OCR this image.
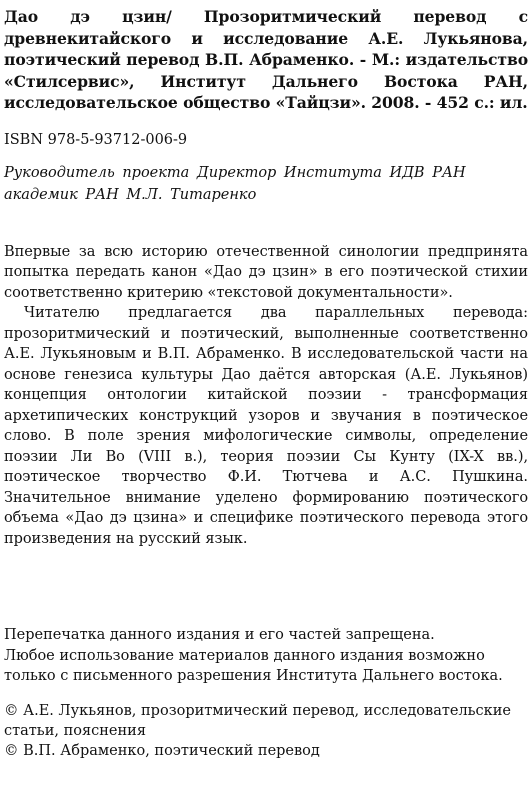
Дао дэ цзин/ Прозоритмический перевод с древнекитайского и исследование А.Е. Лукьянова, поэтический перевод В.П. Абраменко. - М.: издательство «Стилсервис», Институт Дальнего Востока РАН, исследовательское общество «Тайцзи». 2008. - 452 с.: ил.
ISBN 978-5-93712-006-9
Руководитель проекта Директор Института ИДВ РАН академик РАН М.Л. Титаренко

Впервые за всю историю отечественной синологии предпринята попытка передать канон «Дао дэ цзин» в его поэтической стихии соответственно критерию «текстовой документальности».

Читателю предлагается два параллельных перевода: прозоритмический и поэтический, выполненные соответственно А.Е. Лукьяновым и В.П. Абраменко. В исследовательской части на основе генезиса культуры Дао даётся авторская (А.Е. Лукьянов) концепция онтологии китайской поэзии - трансформация архетипических конструкций узоров и звучания в поэтическое слово. В поле зрения мифологические символы, определение поэзии Ли Во (VIII в.), теория поэзии Сы Кунту (IX-X вв.), поэтическое творчество Ф.И. Тютчева и А.С. Пушкина. Значительное внимание уделено формированию поэтического объема «Дао дэ цзина» и специфике поэтического перевода этого произведения на русский язык.

Перепечатка данного издания и его частей запрещена.

Любое использование материалов данного издания возможно только с письменного разрешения Института Дальнего востока.

© А.Е. Лукьянов, прозоритмический перевод, исследовательские статьи, пояснения

© В.П. Абраменко, поэтический перевод
